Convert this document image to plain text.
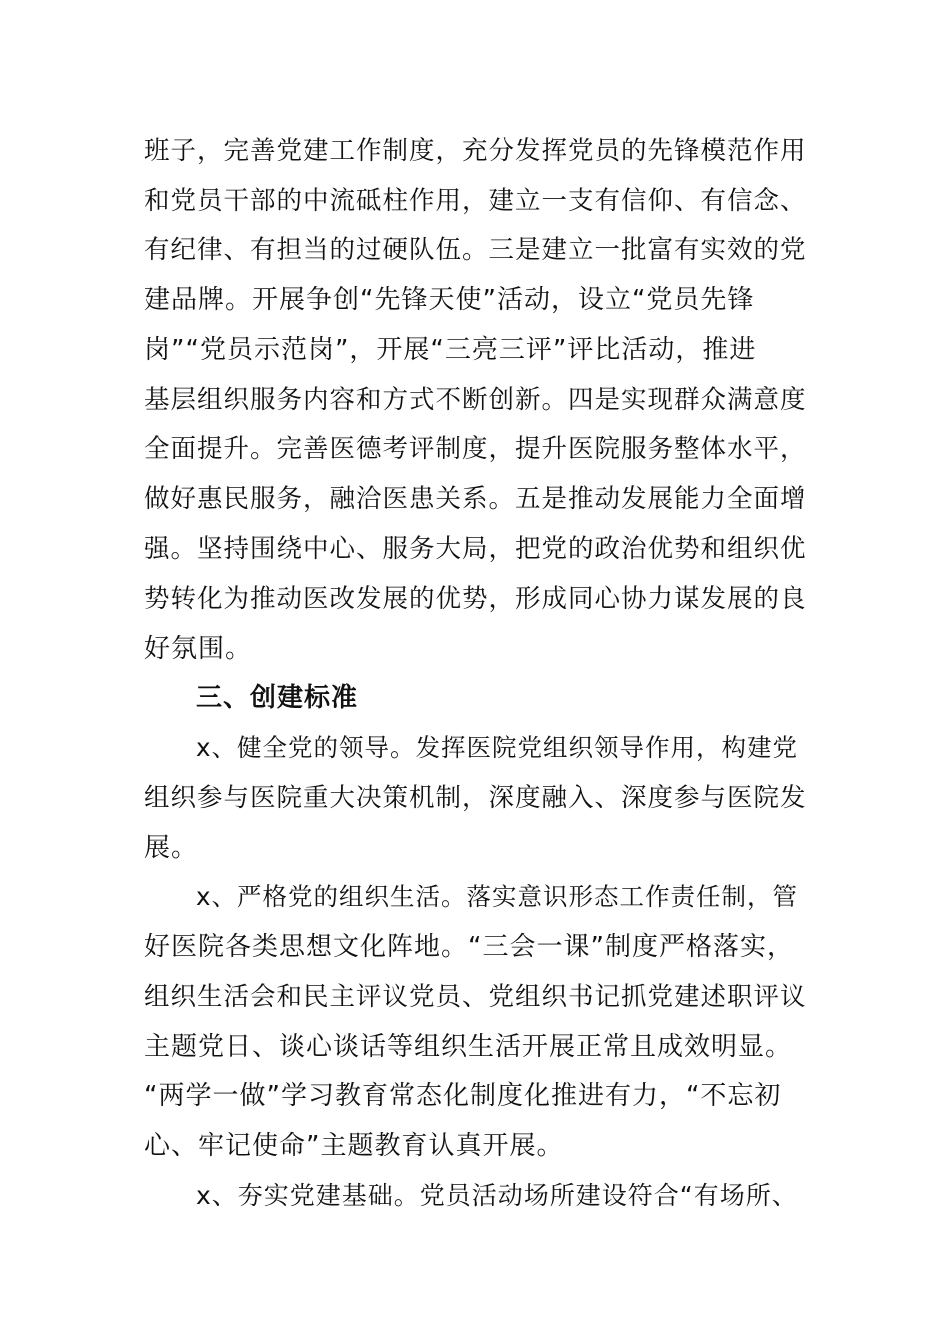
班子，完善党建工作制度，充分发挥党员的先锋模范作用
和党员干部的中流砥柱作用，建立一支有信仰、有信念、
有纪律、有担当的过硬队伍。三是建立一批富有实效的党
建品牌。开展争创“先锋天使”活动，设立“党员先锋
岗”“党员示范岗”，开展“三亮三评”评比活动，推进
基层组织服务内容和方式不断创新。四是实现群众满意度
全面提升。完善医德考评制度，提升医院服务整体水平，
做好惠民服务，融洽医患关系。五是推动发展能力全面增
强。坚持围绕中心、服务大局，把党的政治优势和组织优
势转化为推动医改发展的优势，形成同心协力谋发展的良
好氛围。
三、创建标准
x、健全党的领导。发挥医院党组织领导作用，构建党
组织参与医院重大决策机制，深度融入、深度参与医院发
展。
x、严格党的组织生活。落实意识形态工作责任制，管
好医院各类思想文化阵地。“三会一课”制度严格落实，
组织生活会和民主评议党员、党组织书记抓党建述职评议
主题党日、谈心谈话等组织生活开展正常且成效明显。
“两学一做”学习教育常态化制度化推进有力，“不忘初
心、牢记使命”主题教育认真开展。
x、夯实党建基础。党员活动场所建设符合“有场所、
